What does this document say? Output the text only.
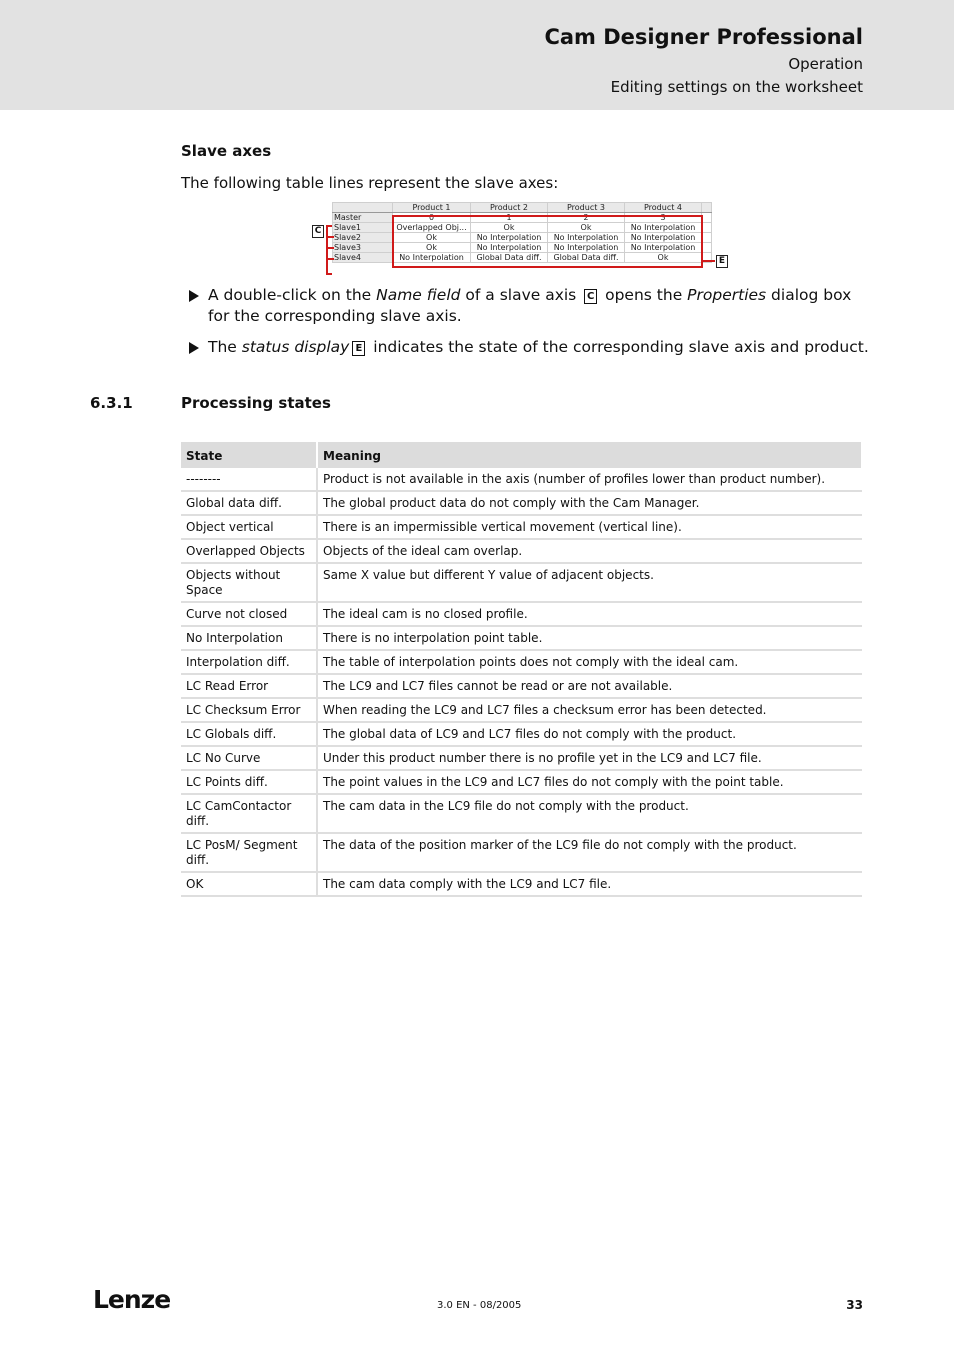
Cam Designer Professional
Operation
Editing settings on the worksheet
Slave axes
The following table lines represent the slave axes:
	Product 1	Product 2	Product 3	Product 4	
Master	0	1	2	3	
Slave1	Overlapped Obj...	Ok	Ok	No Interpolation	
Slave2	Ok	No Interpolation	No Interpolation	No Interpolation	
Slave3	Ok	No Interpolation	No Interpolation	No Interpolation	
Slave4	No Interpolation	Global Data diff.	Global Data diff.	Ok	
C
E
A double-click on the Name field of a slave axis C opens the Properties dialog box for the corresponding slave axis.
The status display E indicates the state of the corresponding slave axis and product.
6.3.1	Processing states
State	Meaning
--------	Product is not available in the axis (number of profiles lower than product number).
Global data diff.	The global product data do not comply with the Cam Manager.
Object vertical	There is an impermissible vertical movement (vertical line).
Overlapped Objects	Objects of the ideal cam overlap.
Objects without Space	Same X value but different Y value of adjacent objects.
Curve not closed	The ideal cam is no closed profile.
No Interpolation	There is no interpolation point table.
Interpolation diff.	The table of interpolation points does not comply with the ideal cam.
LC Read Error	The LC9 and LC7 files cannot be read or are not available.
LC Checksum Error	When reading the LC9 and LC7 files a checksum error has been detected.
LC Globals diff.	The global data of LC9 and LC7 files do not comply with the product.
LC No Curve	Under this product number there is no profile yet in the LC9 and LC7 file.
LC Points diff.	The point values in the LC9 and LC7 files do not comply with the point table.
LC CamContactor diff.	The cam data in the LC9 file do not comply with the product.
LC PosM/ Segment diff.	The data of the position marker of the LC9 file do not comply with the product.
OK	The cam data comply with the LC9 and LC7 file.
Lenze	3.0 EN - 08/2005	33
